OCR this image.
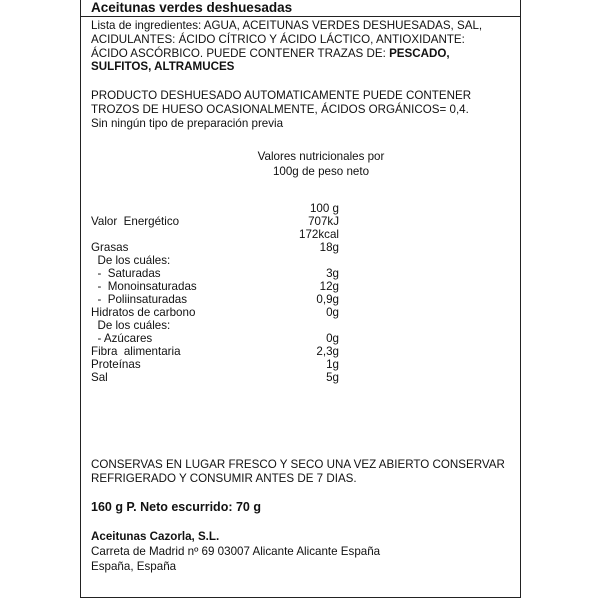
Aceitunas verdes deshuesadas
Lista de ingredientes: AGUA, ACEITUNAS VERDES DESHUESADAS, SAL,
ACIDULANTES: ÁCIDO CÍTRICO Y ÁCIDO LÁCTICO, ANTIOXIDANTE:
ÁCIDO ASCÓRBICO. PUEDE CONTENER TRAZAS DE: PESCADO,
SULFITOS, ALTRAMUCES
PRODUCTO DESHUESADO AUTOMATICAMENTE PUEDE CONTENER
TROZOS DE HUESO OCASIONALMENTE, ÁCIDOS ORGÁNICOS= 0,4.
Sin ningún tipo de preparación previa
Valores nutricionales por
100g de peso neto
100 g
Valor  Energético	707kJ
172kcal
Grasas	18g
De los cuáles:
-  Saturadas	3g
-  Monoinsaturadas	12g
-  Poliinsaturadas	0,9g
Hidratos de carbono	0g
De los cuáles:
- Azúcares	0g
Fibra  alimentaria	2,3g
Proteínas	1g
Sal	5g
CONSERVAS EN LUGAR FRESCO Y SECO UNA VEZ ABIERTO CONSERVAR
REFRIGERADO Y CONSUMIR ANTES DE 7 DIAS.
160 g P. Neto escurrido: 70 g
Aceitunas Cazorla, S.L.
Carreta de Madrid nº 69 03007 Alicante Alicante España
España, España
